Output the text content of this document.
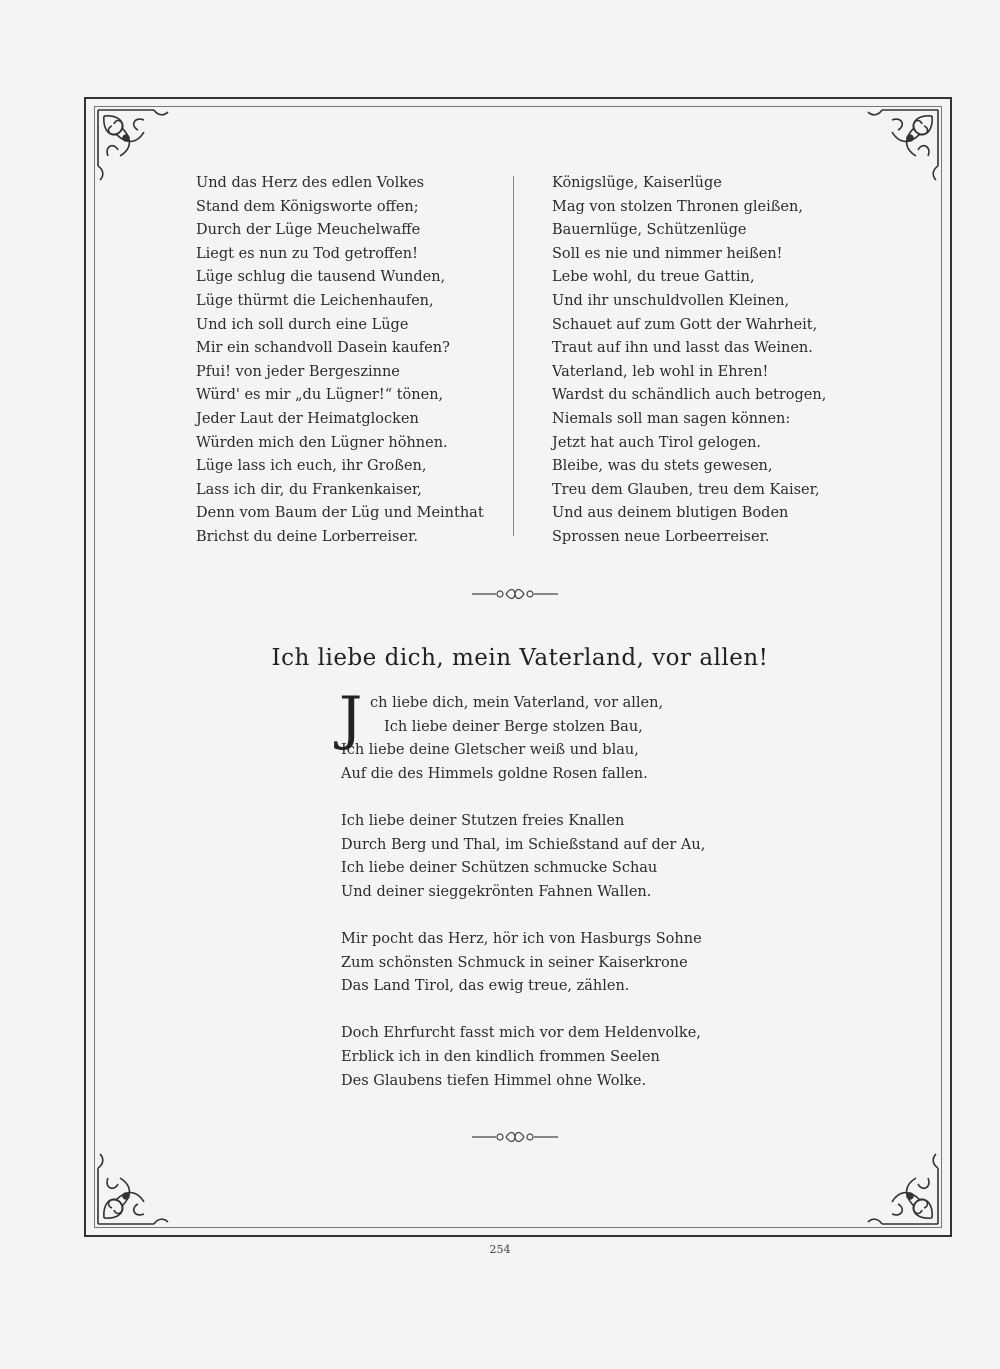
Und das Herz des edlen Volkes
Stand dem Königsworte offen;
Durch der Lüge Meuchelwaffe
Liegt es nun zu Tod getroffen!
Lüge schlug die tausend Wunden,
Lüge thürmt die Leichenhaufen,
Und ich soll durch eine Lüge
Mir ein schandvoll Dasein kaufen?
Pfui! von jeder Bergeszinne
Würd' es mir „du Lügner!“ tönen,
Jeder Laut der Heimatglocken
Würden mich den Lügner höhnen.
Lüge lass ich euch, ihr Großen,
Lass ich dir, du Frankenkaiser,
Denn vom Baum der Lüg und Meinthat
Brichst du deine Lorberreiser.
Königslüge, Kaiserlüge
Mag von stolzen Thronen gleißen,
Bauernlüge, Schützenlüge
Soll es nie und nimmer heißen!
Lebe wohl, du treue Gattin,
Und ihr unschuldvollen Kleinen,
Schauet auf zum Gott der Wahrheit,
Traut auf ihn und lasst das Weinen.
Vaterland, leb wohl in Ehren!
Wardst du schändlich auch betrogen,
Niemals soll man sagen können:
Jetzt hat auch Tirol gelogen.
Bleibe, was du stets gewesen,
Treu dem Glauben, treu dem Kaiser,
Und aus deinem blutigen Boden
Sprossen neue Lorbeerreiser.
Ich liebe dich, mein Vaterland, vor allen!
J ch liebe dich, mein Vaterland, vor allen,
Ich liebe deiner Berge stolzen Bau,
Ich liebe deine Gletscher weiß und blau,
Auf die des Himmels goldne Rosen fallen.
Ich liebe deiner Stutzen freies Knallen
Durch Berg und Thal, im Schießstand auf der Au,
Ich liebe deiner Schützen schmucke Schau
Und deiner sieggekrönten Fahnen Wallen.
Mir pocht das Herz, hör ich von Hasburgs Sohne
Zum schönsten Schmuck in seiner Kaiserkrone
Das Land Tirol, das ewig treue, zählen.
Doch Ehrfurcht fasst mich vor dem Heldenvolke,
Erblick ich in den kindlich frommen Seelen
Des Glaubens tiefen Himmel ohne Wolke.
254
